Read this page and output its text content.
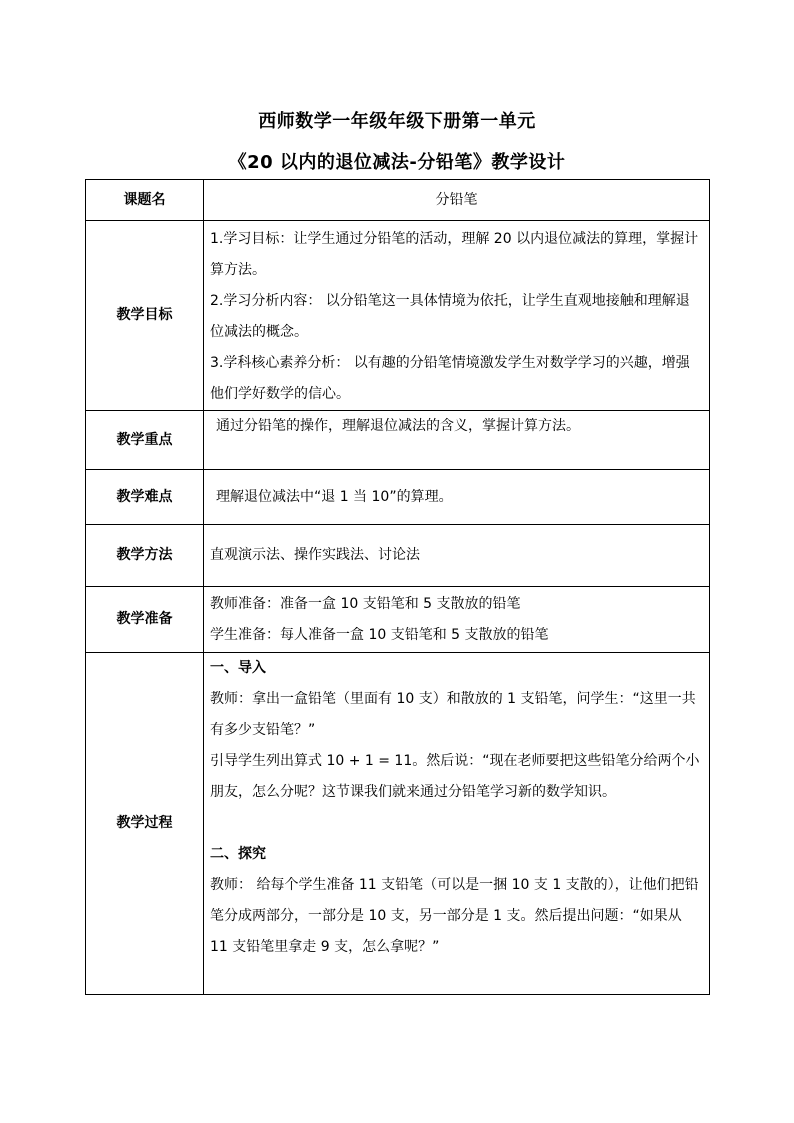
西师数学一年级年级下册第一单元
《20 以内的退位减法-分铅笔》教学设计
课题名	分铅笔
教学目标	1.学习目标：让学生通过分铅笔的活动，理解 20 以内退位减法的算理，掌握计算方法。

2.学习分析内容： 以分铅笔这一具体情境为依托，让学生直观地接触和理解退位减法的概念。

3.学科核心素养分析： 以有趣的分铅笔情境激发学生对数学学习的兴趣，增强他们学好数学的信心。

教学重点	通过分铅笔的操作，理解退位减法的含义，掌握计算方法。
教学难点	理解退位减法中“退 1 当 10”的算理。
教学方法	直观演示法、操作实践法、讨论法
教学准备	教师准备：准备一盒 10 支铅笔和 5 支散放的铅笔

学生准备：每人准备一盒 10 支铅笔和 5 支散放的铅笔

教学过程	一、导入

教师：拿出一盒铅笔（里面有 10 支）和散放的 1 支铅笔，问学生：“这里一共有多少支铅笔？”

引导学生列出算式 10 + 1 = 11。然后说：“现在老师要把这些铅笔分给两个小朋友，怎么分呢？这节课我们就来通过分铅笔学习新的数学知识。

二、探究

教师： 给每个学生准备 11 支铅笔（可以是一捆 10 支 1 支散的），让他们把铅笔分成两部分，一部分是 10 支，另一部分是 1 支。然后提出问题：“如果从 11 支铅笔里拿走 9 支，怎么拿呢？”
